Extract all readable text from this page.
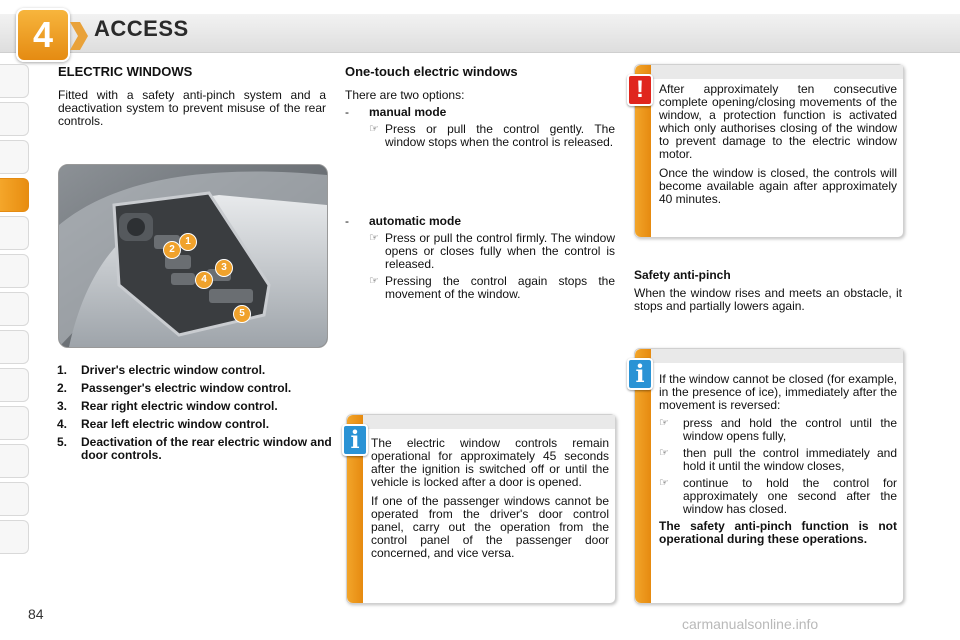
4	ACCESS
ELECTRIC WINDOWS
Fitted with a safety anti-pinch system and a deactivation system to prevent misuse of the rear controls.
1
2
3
4
5
1.	Driver's electric window control.
2.	Passenger's electric window control.
3.	Rear right electric window control.
4.	Rear left electric window control.
5.	Deactivation of the rear electric window and door controls.
One-touch electric windows
There are two options:
-	manual mode
☞ Press or pull the control gently. The window stops when the control is released.
-	automatic mode
☞ Press or pull the control firmly. The window opens or closes fully when the control is released.
☞ Pressing the control again stops the movement of the window.

The electric window controls remain operational for approximately 45 seconds after the ignition is switched off or until the vehicle is locked after a door is opened.

If one of the passenger windows cannot be operated from the driver's door control panel, carry out the operation from the control panel of the passenger door concerned, and vice versa.

i

After approximately ten consecutive complete opening/closing movements of the window, a protection function is activated which only authorises closing of the window to prevent damage to the electric window motor.

Once the window is closed, the controls will become available again after approximately 40 minutes.

!
Safety anti-pinch
When the window rises and meets an obstacle, it stops and partially lowers again.
If the window cannot be closed (for example, in the presence of ice), immediately after the movement is reversed:
☞	press and hold the control until the window opens fully,
☞	then pull the control immediately and hold it until the window closes,
☞	continue to hold the control for approximately one second after the window has closed.
The safety anti-pinch function is not operational during these operations.
i
84
carmanualsonline.info
